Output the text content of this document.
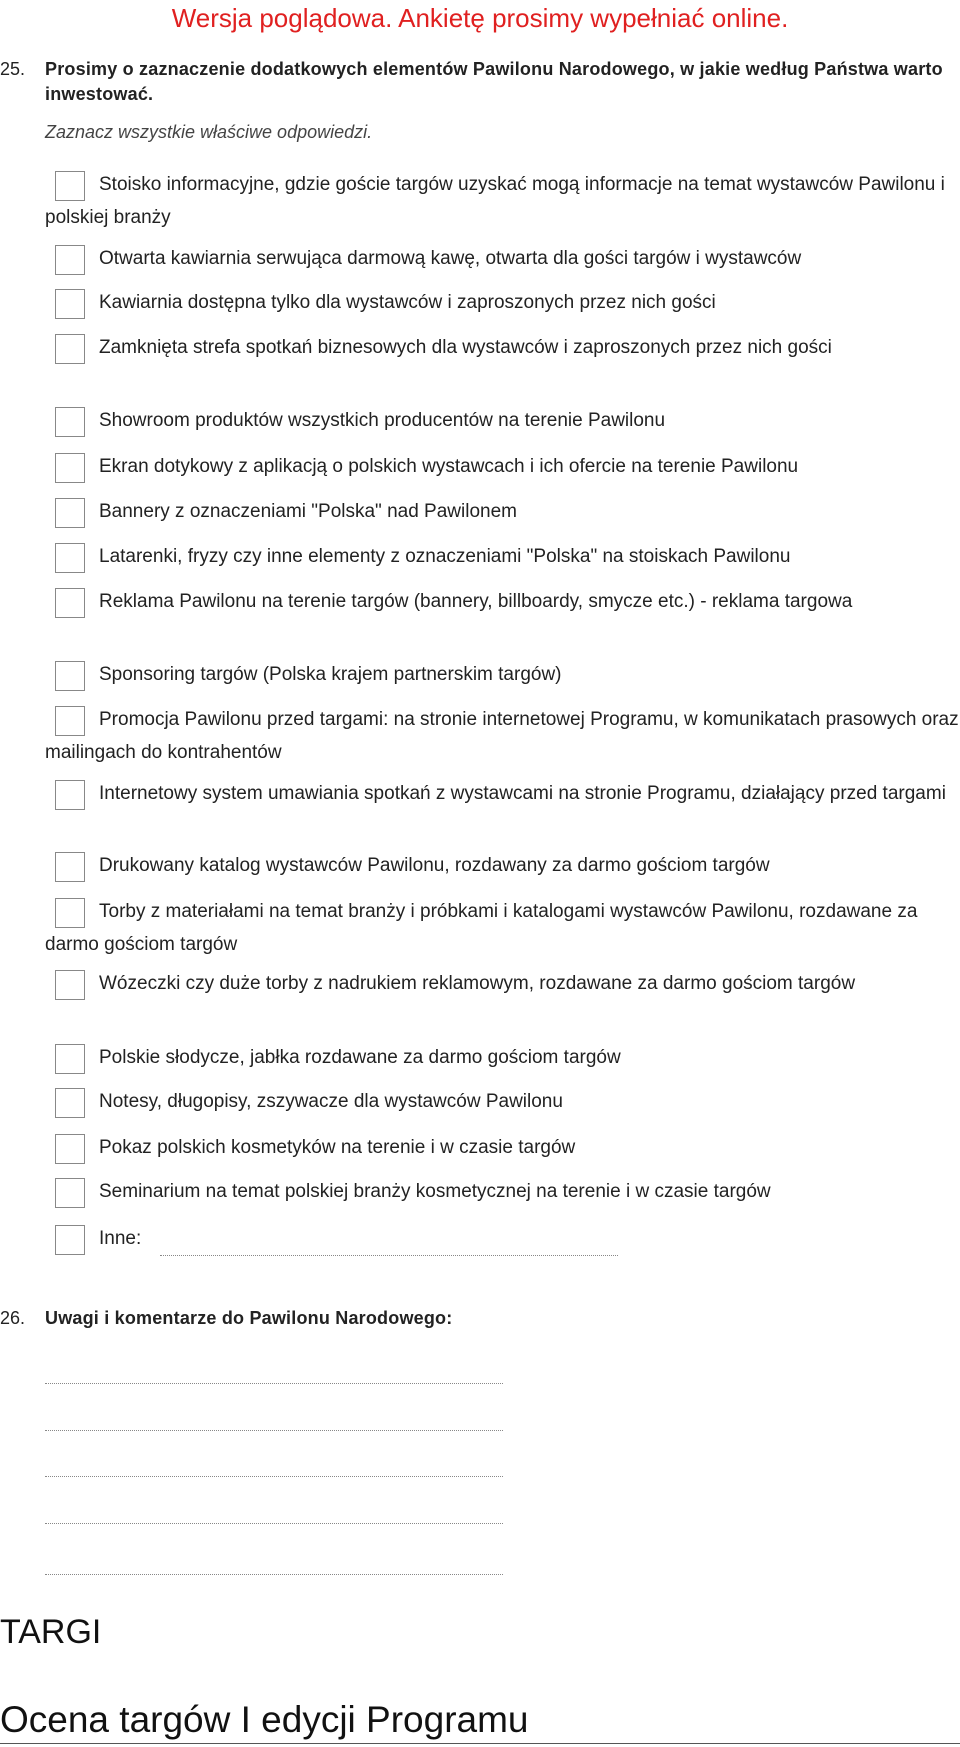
Wersja poglądowa. Ankietę prosimy wypełniać online.
25. Prosimy o zaznaczenie dodatkowych elementów Pawilonu Narodowego, w jakie według Państwa warto inwestować.
Zaznacz wszystkie właściwe odpowiedzi.
Stoisko informacyjne, gdzie goście targów uzyskać mogą informacje na temat wystawców Pawilonu i polskiej branży
Otwarta kawiarnia serwująca darmową kawę, otwarta dla gości targów i wystawców
Kawiarnia dostępna tylko dla wystawców i zaproszonych przez nich gości
Zamknięta strefa spotkań biznesowych dla wystawców i zaproszonych przez nich gości
Showroom produktów wszystkich producentów na terenie Pawilonu
Ekran dotykowy z aplikacją o polskich wystawcach i ich ofercie na terenie Pawilonu
Bannery z oznaczeniami "Polska" nad Pawilonem
Latarenki, fryzy czy inne elementy z oznaczeniami "Polska" na stoiskach Pawilonu
Reklama Pawilonu na terenie targów (bannery, billboardy, smycze etc.) - reklama targowa
Sponsoring targów (Polska krajem partnerskim targów)
Promocja Pawilonu przed targami: na stronie internetowej Programu, w komunikatach prasowych oraz mailingach do kontrahentów
Internetowy system umawiania spotkań z wystawcami na stronie Programu, działający przed targami
Drukowany katalog wystawców Pawilonu, rozdawany za darmo gościom targów
Torby z materiałami na temat branży i próbkami i katalogami wystawców Pawilonu, rozdawane za darmo gościom targów
Wózeczki czy duże torby z nadrukiem reklamowym, rozdawane za darmo gościom targów
Polskie słodycze, jabłka rozdawane za darmo gościom targów
Notesy, długopisy, zszywacze dla wystawców Pawilonu
Pokaz polskich kosmetyków na terenie i w czasie targów
Seminarium na temat polskiej branży kosmetycznej na terenie i w czasie targów
Inne:
26. Uwagi i komentarze do Pawilonu Narodowego:
TARGI
Ocena targów I edycji Programu
